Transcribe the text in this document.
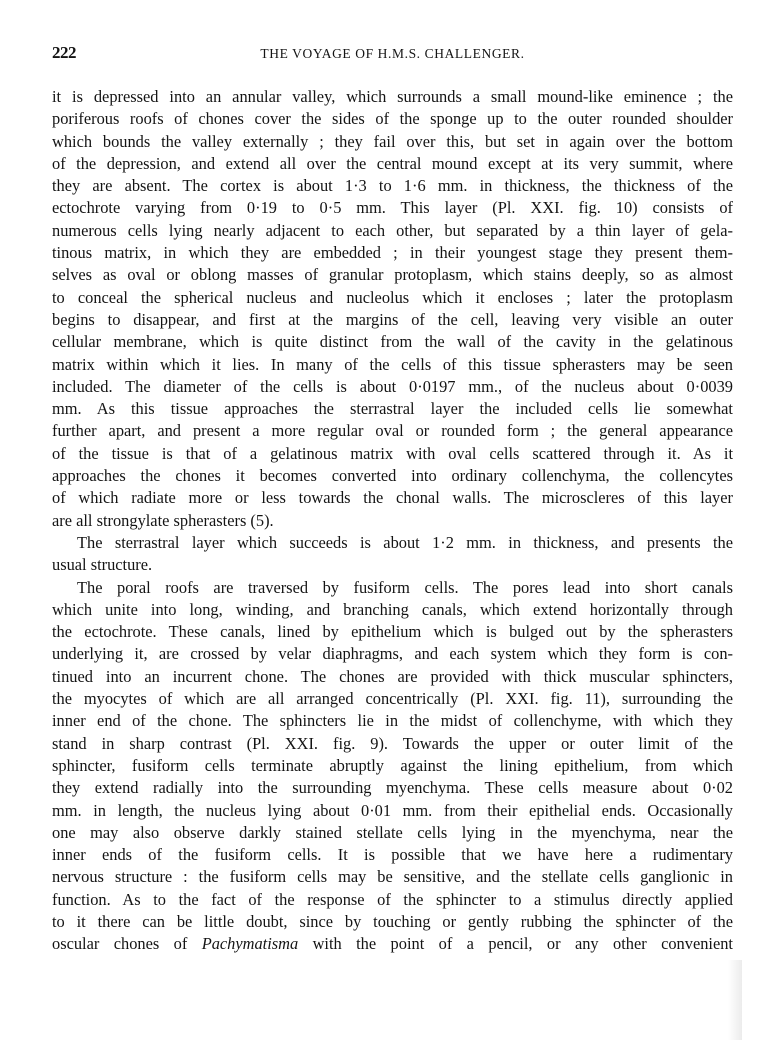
222	THE VOYAGE OF H.M.S. CHALLENGER.
it is depressed into an annular valley, which surrounds a small mound-like eminence ; the
poriferous roofs of chones cover the sides of the sponge up to the outer rounded shoulder
which bounds the valley externally ; they fail over this, but set in again over the bottom
of the depression, and extend all over the central mound except at its very summit, where
they are absent. The cortex is about 1·3 to 1·6 mm. in thickness, the thickness of the
ectochrote varying from 0·19 to 0·5 mm. This layer (Pl. XXI. fig. 10) consists of
numerous cells lying nearly adjacent to each other, but separated by a thin layer of gela-
tinous matrix, in which they are embedded ; in their youngest stage they present them-
selves as oval or oblong masses of granular protoplasm, which stains deeply, so as almost
to conceal the spherical nucleus and nucleolus which it encloses ; later the protoplasm
begins to disappear, and first at the margins of the cell, leaving very visible an outer
cellular membrane, which is quite distinct from the wall of the cavity in the gelatinous
matrix within which it lies. In many of the cells of this tissue spherasters may be seen
included. The diameter of the cells is about 0·0197 mm., of the nucleus about 0·0039
mm. As this tissue approaches the sterrastral layer the included cells lie somewhat
further apart, and present a more regular oval or rounded form ; the general appearance
of the tissue is that of a gelatinous matrix with oval cells scattered through it. As it
approaches the chones it becomes converted into ordinary collenchyma, the collencytes
of which radiate more or less towards the chonal walls. The microscleres of this layer
are all strongylate spherasters (5).
The sterrastral layer which succeeds is about 1·2 mm. in thickness, and presents the
usual structure.
The poral roofs are traversed by fusiform cells. The pores lead into short canals
which unite into long, winding, and branching canals, which extend horizontally through
the ectochrote. These canals, lined by epithelium which is bulged out by the spherasters
underlying it, are crossed by velar diaphragms, and each system which they form is con-
tinued into an incurrent chone. The chones are provided with thick muscular sphincters,
the myocytes of which are all arranged concentrically (Pl. XXI. fig. 11), surrounding the
inner end of the chone. The sphincters lie in the midst of collenchyme, with which they
stand in sharp contrast (Pl. XXI. fig. 9). Towards the upper or outer limit of the
sphincter, fusiform cells terminate abruptly against the lining epithelium, from which
they extend radially into the surrounding myenchyma. These cells measure about 0·02
mm. in length, the nucleus lying about 0·01 mm. from their epithelial ends. Occasionally
one may also observe darkly stained stellate cells lying in the myenchyma, near the
inner ends of the fusiform cells. It is possible that we have here a rudimentary
nervous structure : the fusiform cells may be sensitive, and the stellate cells ganglionic in
function. As to the fact of the response of the sphincter to a stimulus directly applied
to it there can be little doubt, since by touching or gently rubbing the sphincter of the
oscular chones of Pachymatisma with the point of a pencil, or any other convenient
